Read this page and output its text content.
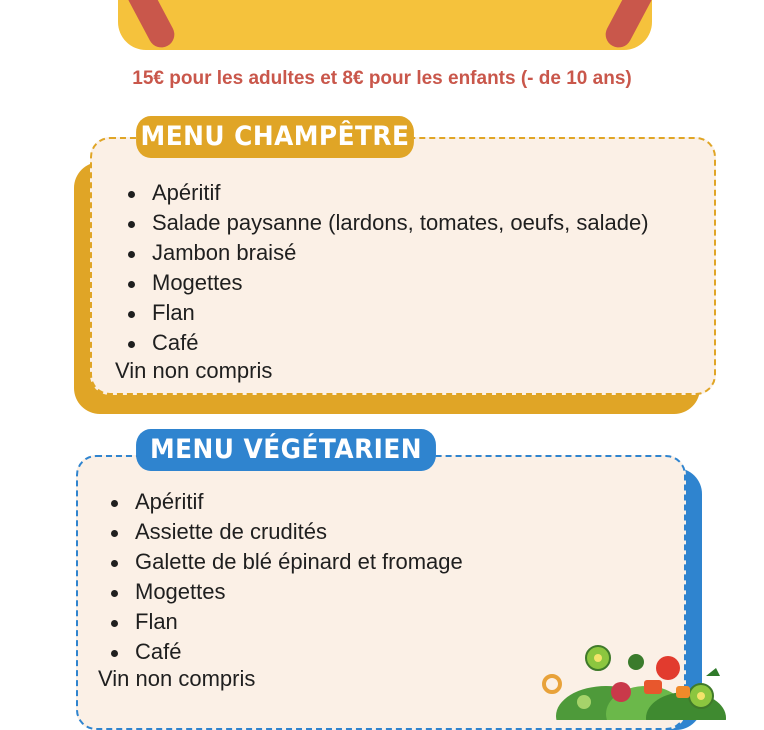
15€ pour les adultes et 8€ pour les enfants (- de 10 ans)
MENU CHAMPÊTRE
Apéritif
Salade paysanne (lardons, tomates, oeufs, salade)
Jambon braisé
Mogettes
Flan
Café
Vin non compris
MENU VÉGÉTARIEN
Apéritif
Assiette de crudités
Galette de blé épinard et fromage
Mogettes
Flan
Café
Vin non compris
